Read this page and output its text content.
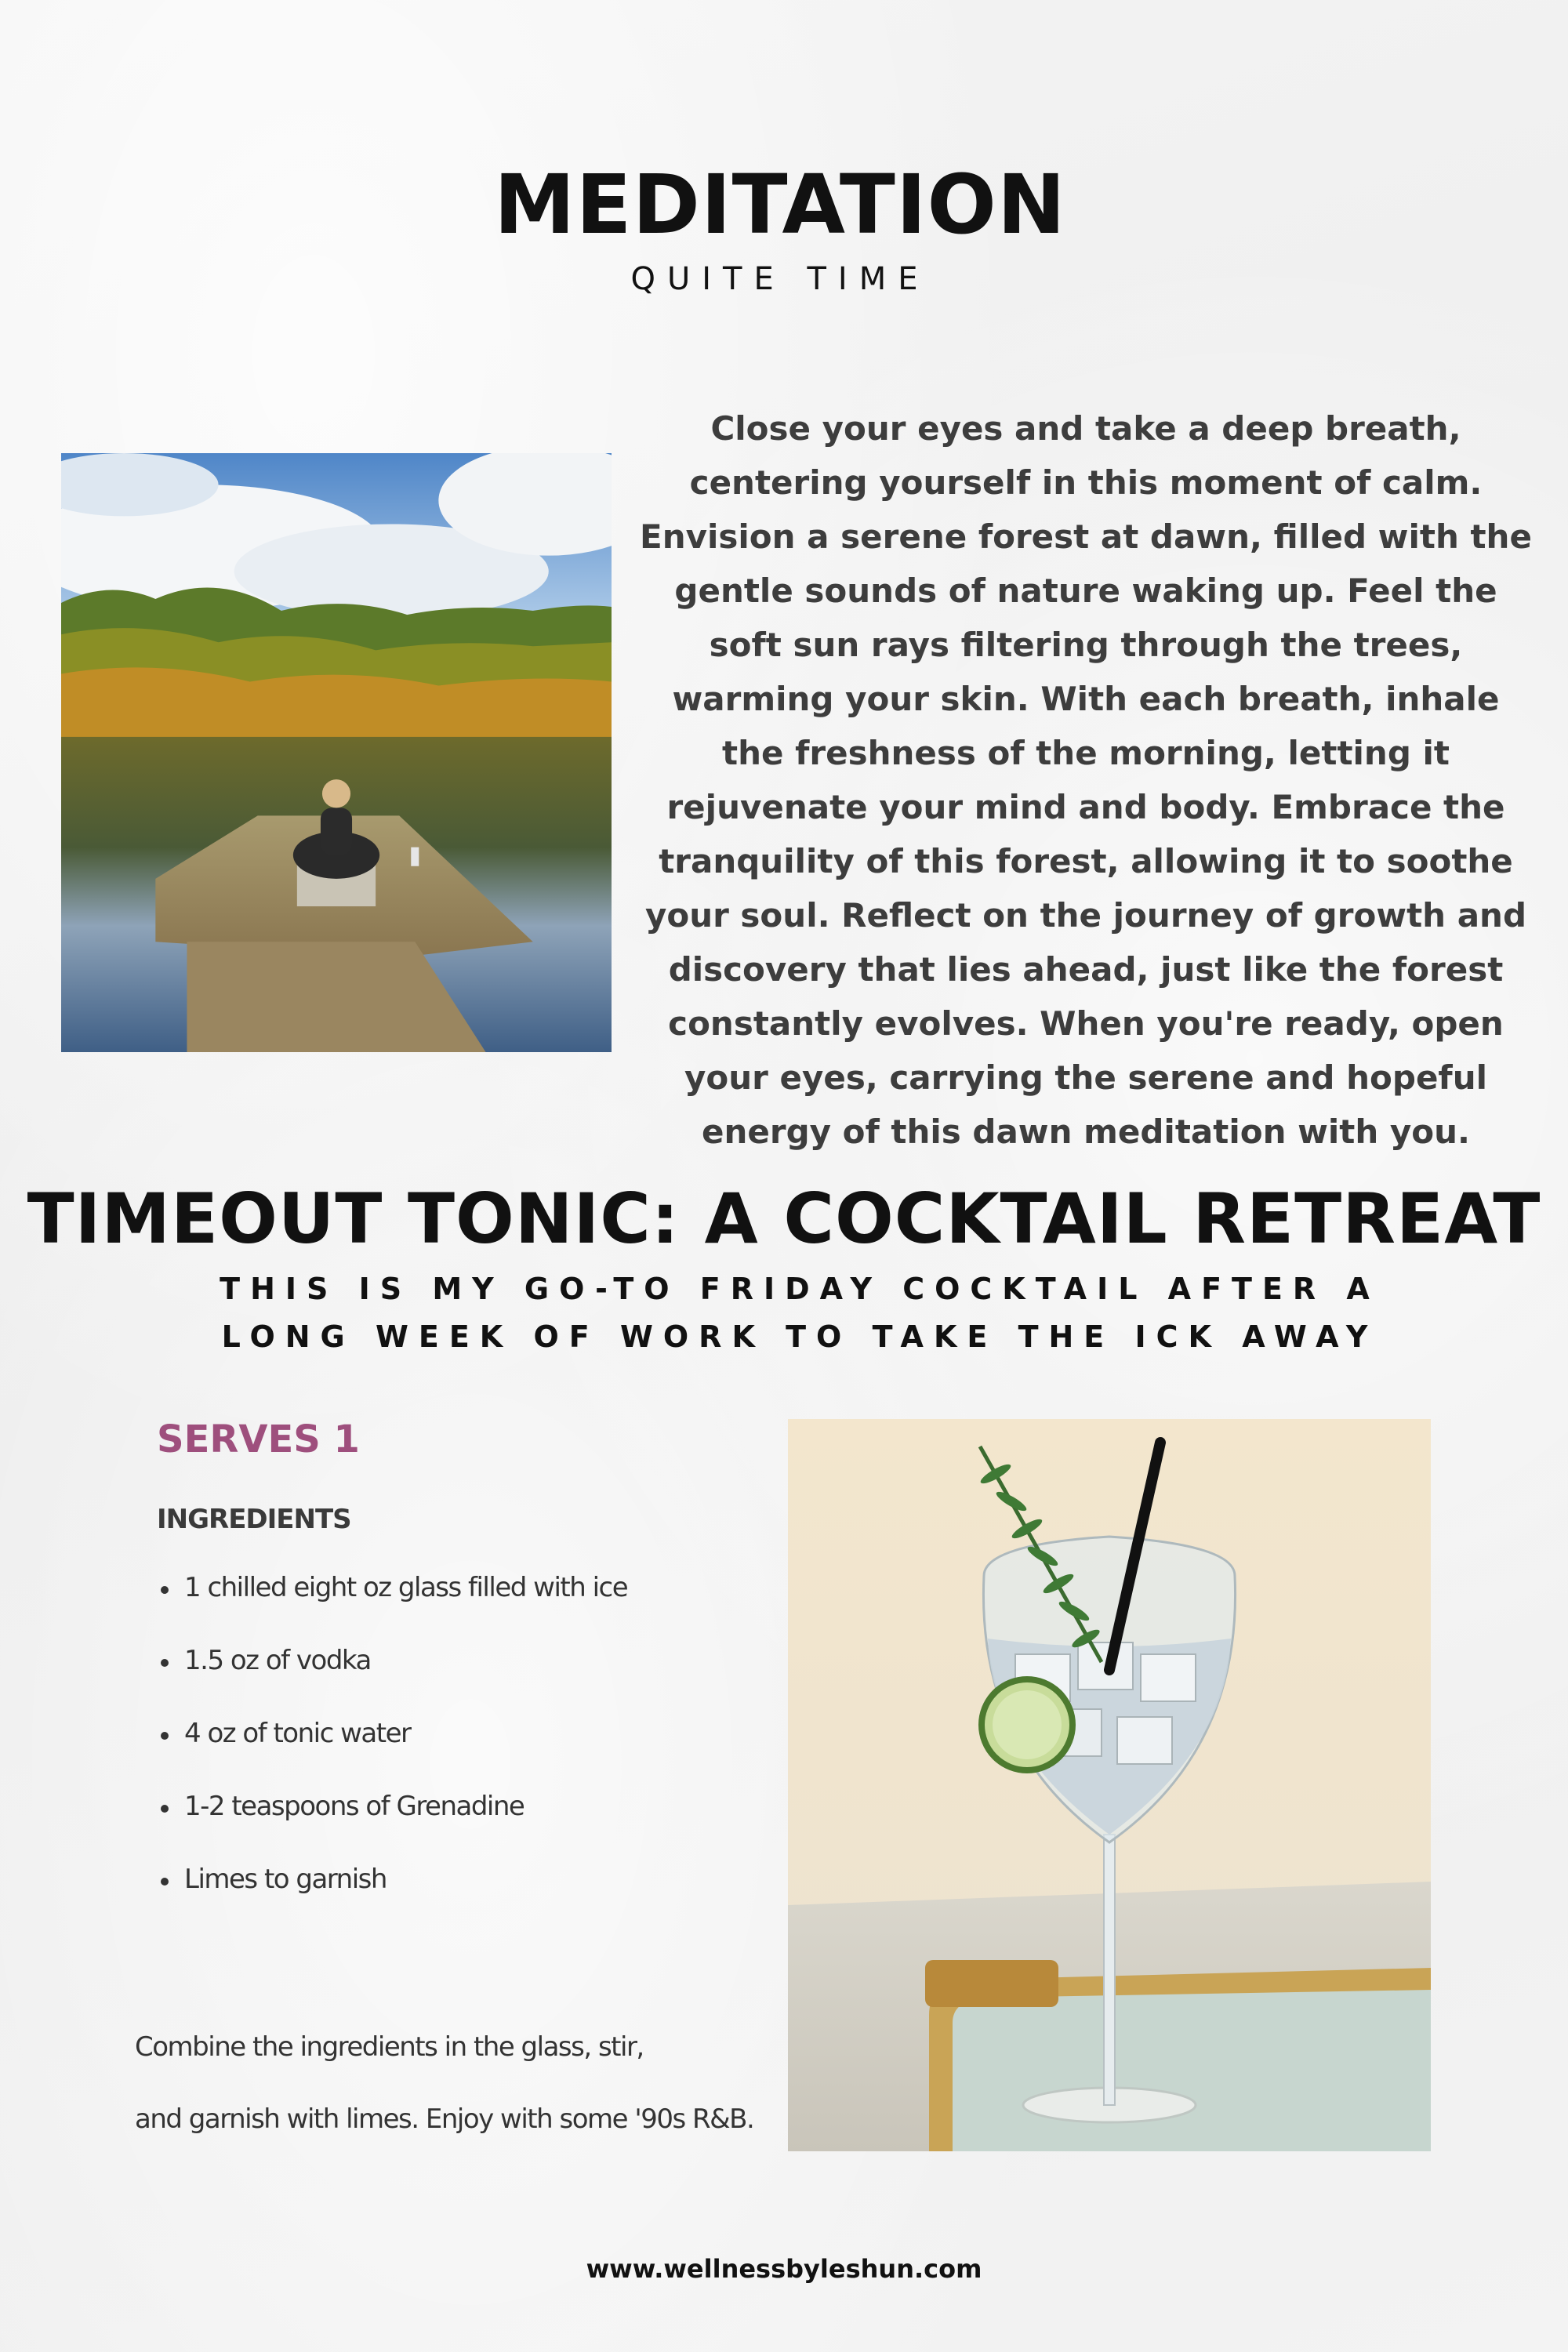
MEDITATION
QUITE TIME

Close your eyes and take a deep breath, centering yourself in this moment of calm. Envision a serene forest at dawn, filled with the gentle sounds of nature waking up. Feel the soft sun rays filtering through the trees, warming your skin. With each breath, inhale the freshness of the morning, letting it rejuvenate your mind and body. Embrace the tranquility of this forest, allowing it to soothe your soul. Reflect on the journey of growth and discovery that lies ahead, just like the forest constantly evolves. When you're ready, open your eyes, carrying the serene and hopeful energy of this dawn meditation with you.

TIMEOUT TONIC: A COCKTAIL RETREAT
THIS IS MY GO-TO FRIDAY COCKTAIL AFTER A LONG WEEK OF WORK TO TAKE THE ICK AWAY
SERVES 1
INGREDIENTS
1 chilled eight oz glass filled with ice
1.5 oz of vodka
4 oz of tonic water
1-2 teaspoons of Grenadine
Limes to garnish
Combine the ingredients in the glass, stir,
and garnish with limes. Enjoy with some '90s R&B.
www.wellnessbyleshun.com
